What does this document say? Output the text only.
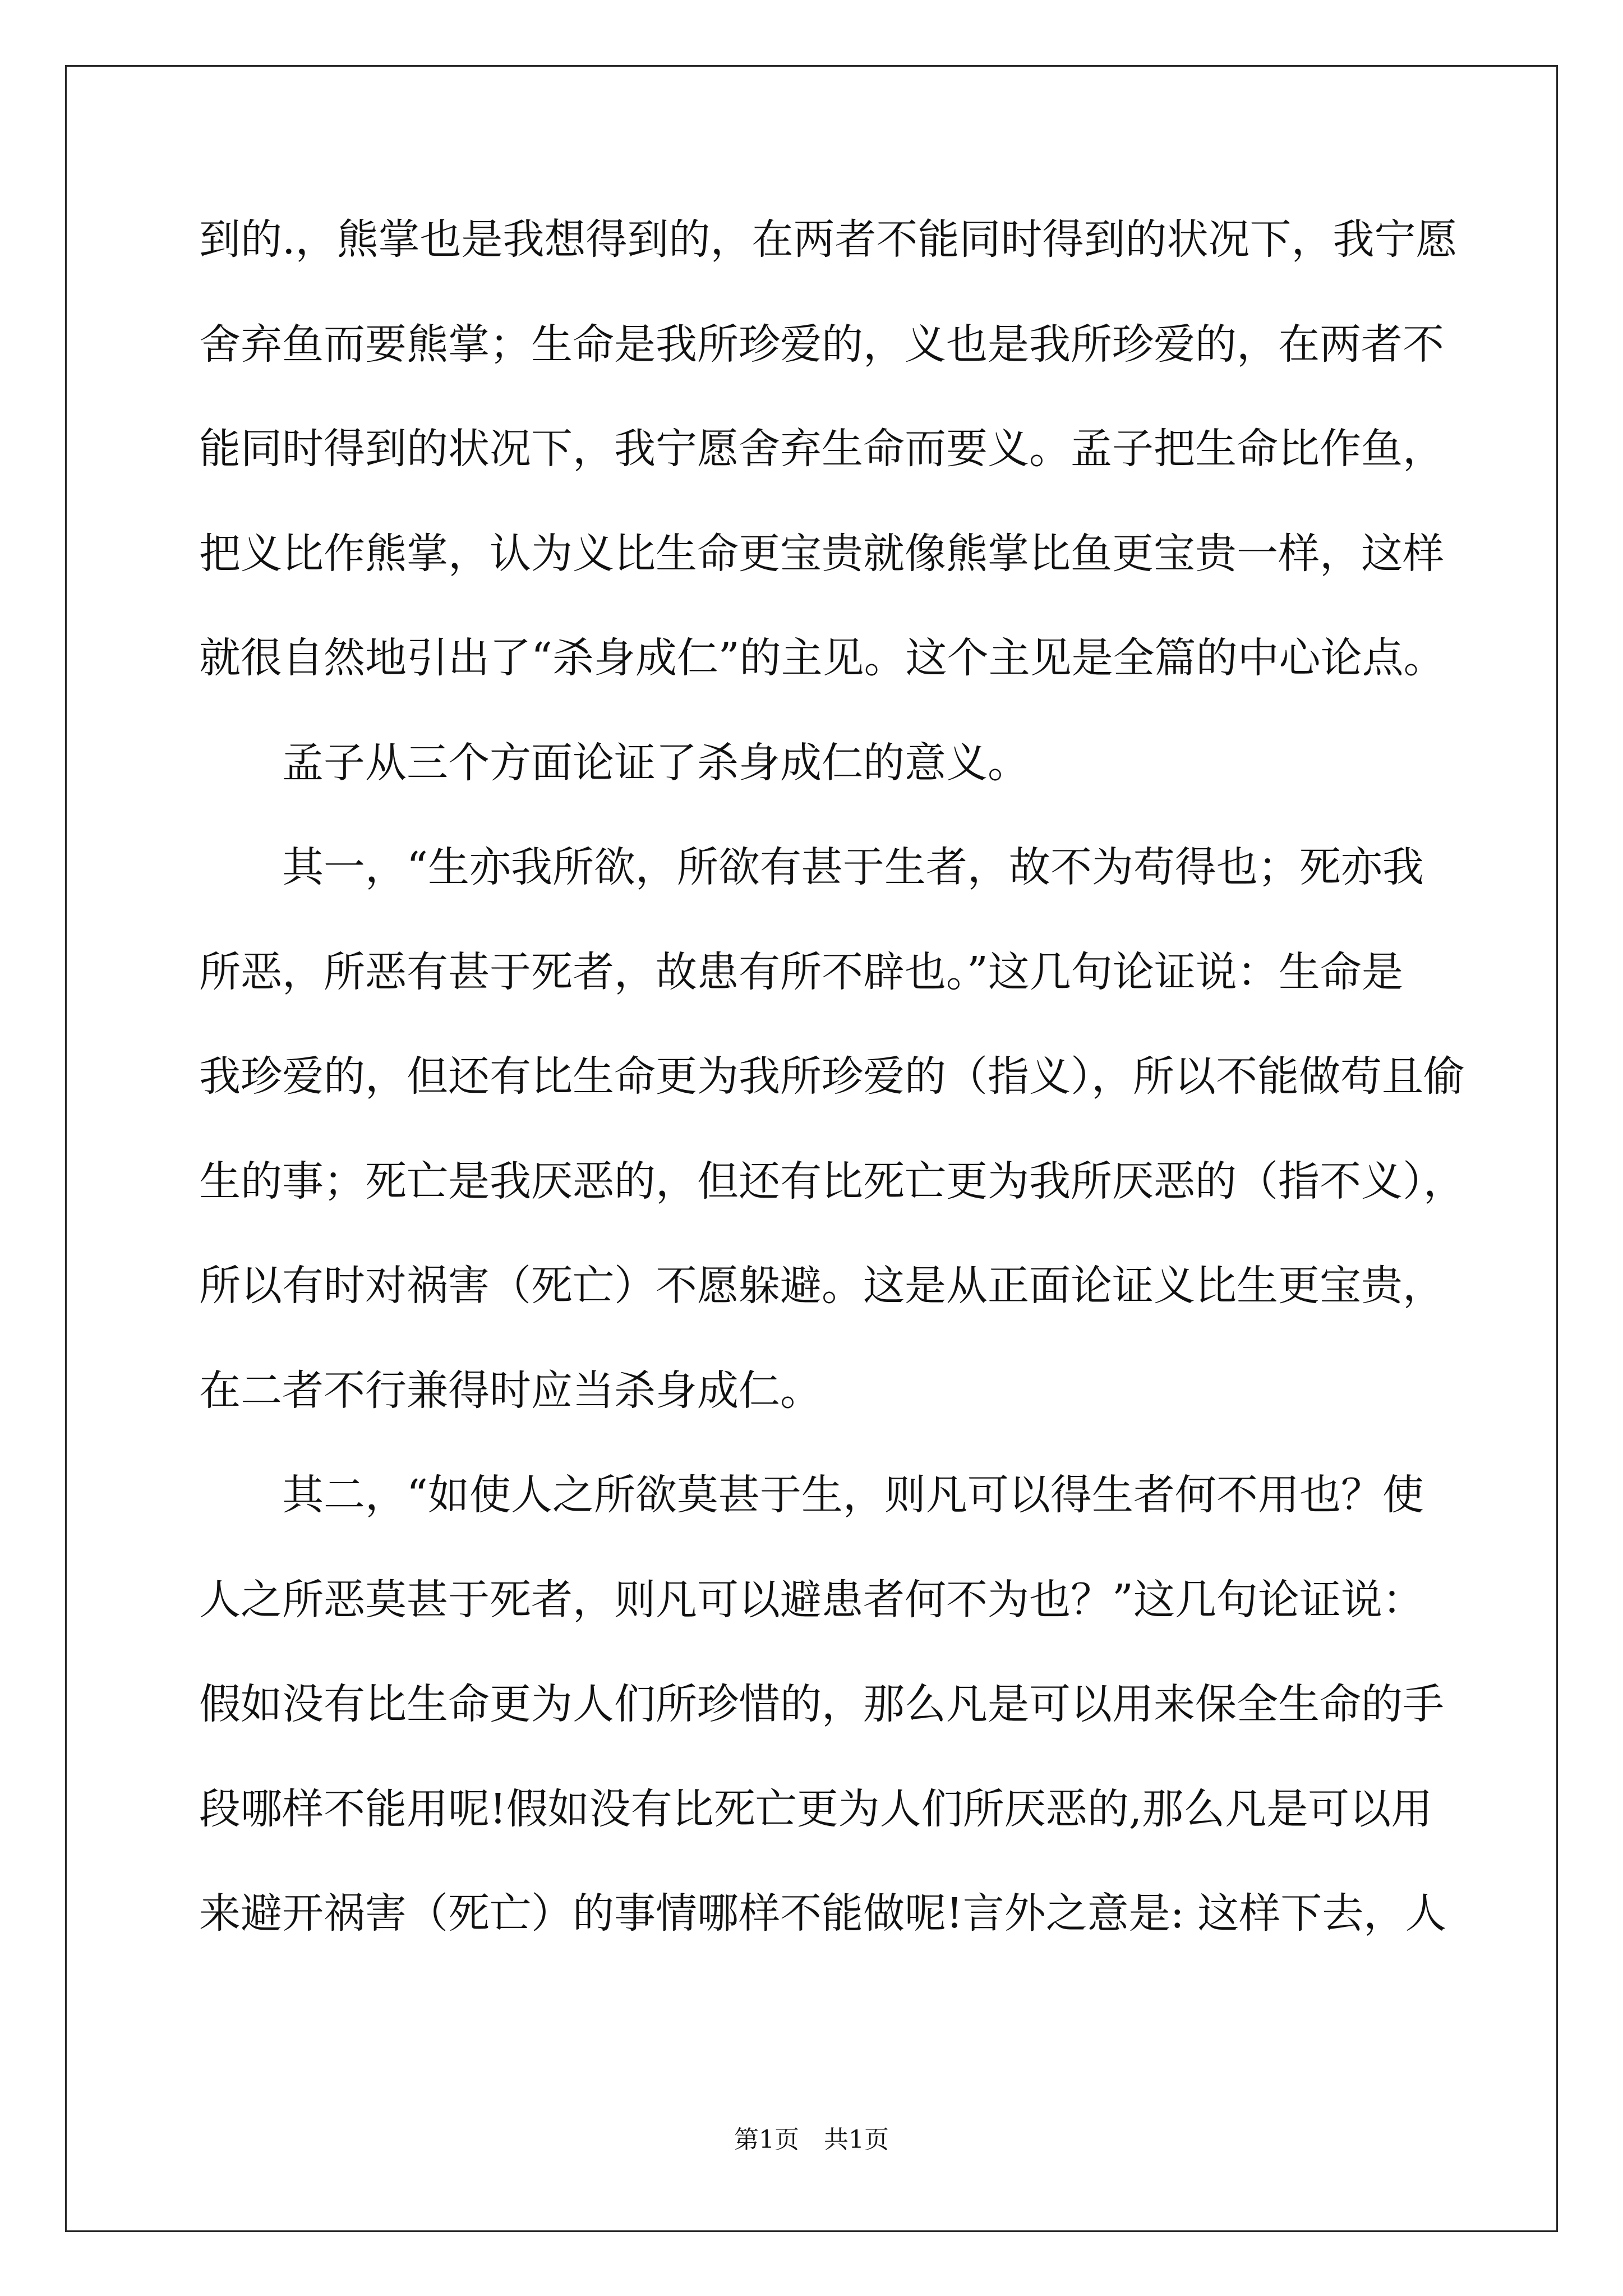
到的.，熊掌也是我想得到的，在两者不能同时得到的状况下，我宁愿
舍弃鱼而要熊掌；生命是我所珍爱的，义也是我所珍爱的，在两者不
能同时得到的状况下，我宁愿舍弃生命而要义。孟子把生命比作鱼，
把义比作熊掌，认为义比生命更宝贵就像熊掌比鱼更宝贵一样，这样
就很自然地引出了“杀身成仁”的主见。这个主见是全篇的中心论点。
孟子从三个方面论证了杀身成仁的意义。
其一，“生亦我所欲，所欲有甚于生者，故不为苟得也；死亦我
所恶，所恶有甚于死者，故患有所不辟也。”这几句论证说：生命是
我珍爱的，但还有比生命更为我所珍爱的（指义），所以不能做苟且偷
生的事；死亡是我厌恶的，但还有比死亡更为我所厌恶的（指不义），
所以有时对祸害（死亡）不愿躲避。这是从正面论证义比生更宝贵，
在二者不行兼得时应当杀身成仁。
其二，“如使人之所欲莫甚于生，则凡可以得生者何不用也？使
人之所恶莫甚于死者，则凡可以避患者何不为也？”这几句论证说：
假如没有比生命更为人们所珍惜的，那么凡是可以用来保全生命的手
段哪样不能用呢!假如没有比死亡更为人们所厌恶的,那么凡是可以用
来避开祸害（死亡）的事情哪样不能做呢!言外之意是: 这样下去，人
第1页　共1页
